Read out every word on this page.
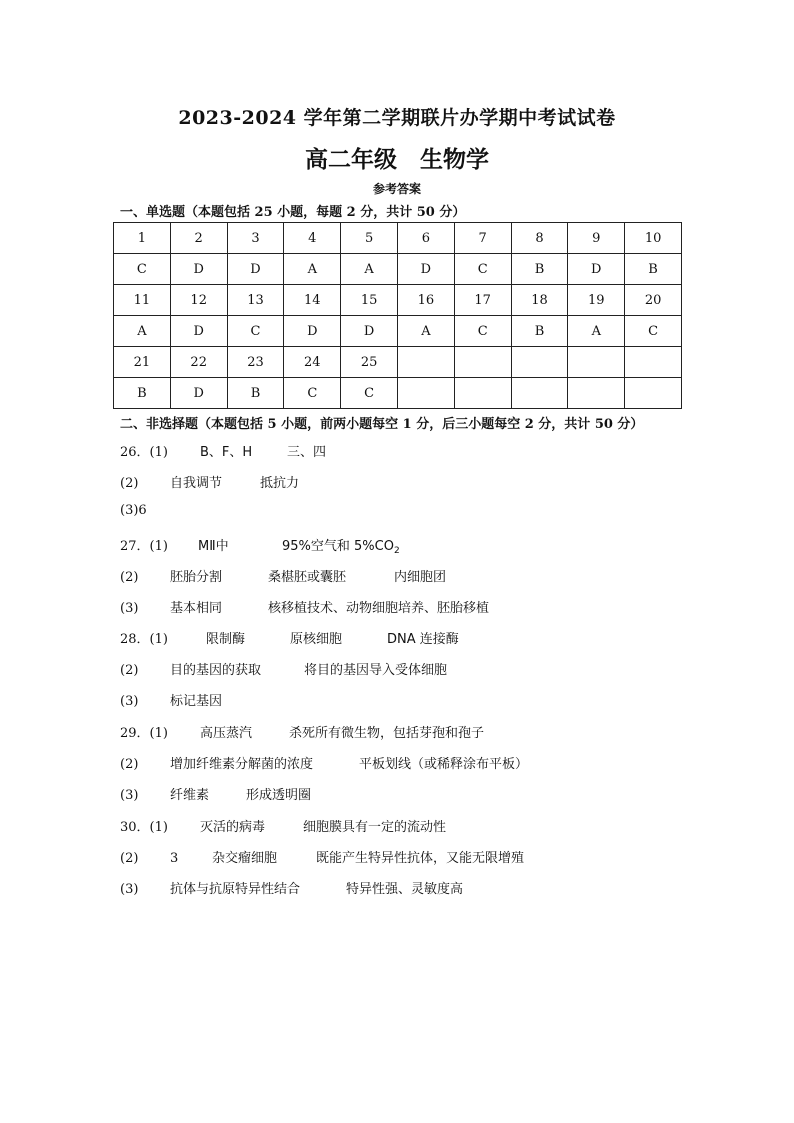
2023-2024 学年第二学期联片办学期中考试试卷
高二年级　生物学
参考答案
一、单选题（本题包括 25 小题，每题 2 分，共计 50 分）
1	2	3	4	5	6	7	8	9	10
C	D	D	A	A	D	C	B	D	B
11	12	13	14	15	16	17	18	19	20
A	D	C	D	D	A	C	B	A	C
21	22	23	24	25					
B	D	B	C	C					
二、非选择题（本题包括 5 小题，前两小题每空 1 分，后三小题每空 2 分，共计 50 分）
26．(1) B、F、H	三、四
(2) 自我调节	抵抗力
(3)6
27．(1) MⅡ中	95%空气和 5%CO2
(2) 胚胎分割	桑椹胚或囊胚	内细胞团
(3) 基本相同	核移植技术、动物细胞培养、胚胎移植
28．(1)	限制酶	原核细胞	DNA 连接酶
(2) 目的基因的获取	将目的基因导入受体细胞
(3) 标记基因
29．(1) 高压蒸汽	杀死所有微生物，包括芽孢和孢子
(2) 增加纤维素分解菌的浓度	平板划线（或稀释涂布平板）
(3) 纤维素	形成透明圈
30．(1) 灭活的病毒	细胞膜具有一定的流动性
(2) 3	杂交瘤细胞	既能产生特异性抗体，又能无限增殖
(3) 抗体与抗原特异性结合	特异性强、灵敏度高
